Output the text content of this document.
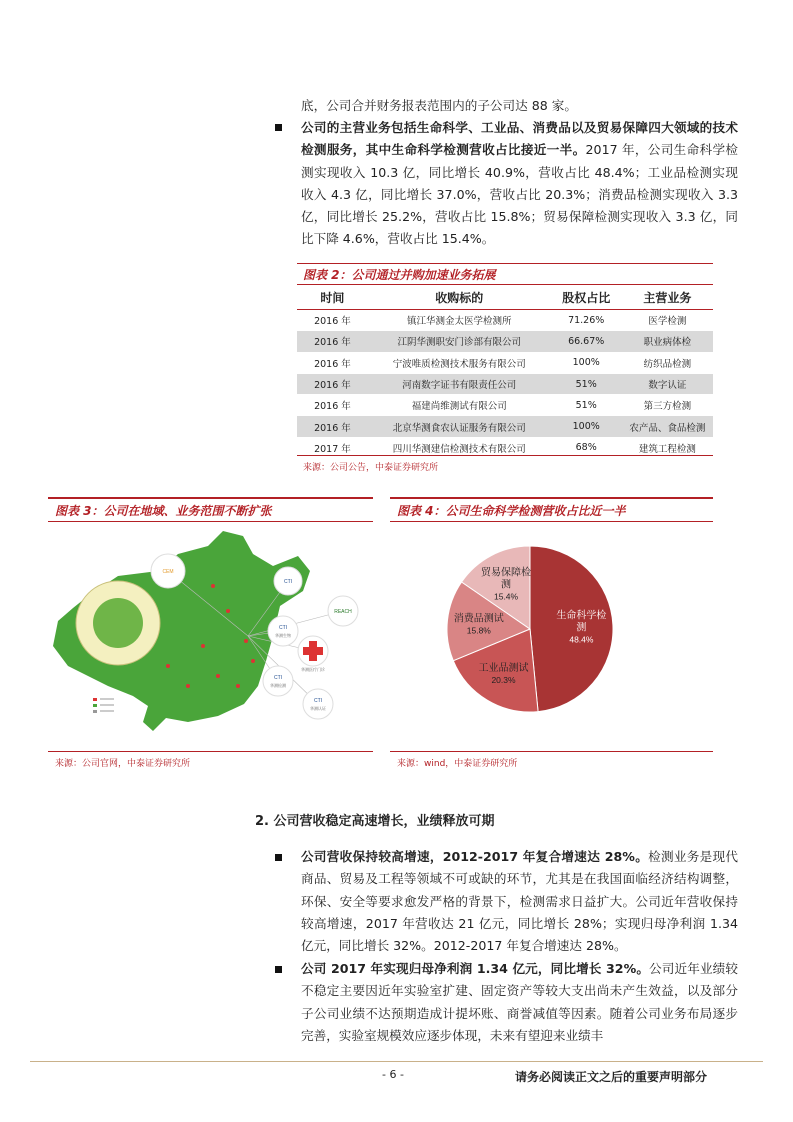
底，公司合并财务报表范围内的子公司达 88 家。
公司的主营业务包括生命科学、工业品、消费品以及贸易保障四大领域的技术检测服务，其中生命科学检测营收占比接近一半。2017 年，公司生命科学检测实现收入 10.3 亿，同比增长 40.9%，营收占比 48.4%；工业品检测实现收入 4.3 亿，同比增长 37.0%，营收占比 20.3%；消费品检测实现收入 3.3 亿，同比增长 25.2%，营收占比 15.8%；贸易保障检测实现收入 3.3 亿，同比下降 4.6%，营收占比 15.4%。
图表 2：公司通过并购加速业务拓展
时间	收购标的	股权占比	主营业务
2016 年	镇江华测金太医学检测所	71.26%	医学检测
2016 年	江阴华测职安门诊部有限公司	66.67%	职业病体检
2016 年	宁波唯质检测技术服务有限公司	100%	纺织品检测
2016 年	河南数字证书有限责任公司	51%	数字认证
2016 年	福建尚维测试有限公司	51%	第三方检测
2016 年	北京华测食农认证服务有限公司	100%	农产品、食品检测
2017 年	四川华测建信检测技术有限公司	68%	建筑工程检测
来源：公司公告，中泰证券研究所
图表 3：公司在地域、业务范围不断扩张
CEM
CTI
CTI
华测生物
REACH
华测医疗门诊
CTI
华测检测
CTI
华测认证
来源：公司官网，中泰证券研究所
图表 4：公司生命科学检测营收占比近一半
生命科学检
测
48.4%
工业品测试
20.3%
消费品测试
15.8%
贸易保障检
测
15.4%
来源：wind，中泰证券研究所
2. 公司营收稳定高速增长，业绩释放可期
公司营收保持较高增速，2012-2017 年复合增速达 28%。检测业务是现代商品、贸易及工程等领域不可或缺的环节，尤其是在我国面临经济结构调整，环保、安全等要求愈发严格的背景下，检测需求日益扩大。公司近年营收保持较高增速，2017 年营收达 21 亿元，同比增长 28%；实现归母净利润 1.34 亿元，同比增长 32%。2012-2017 年复合增速达 28%。
公司 2017 年实现归母净利润 1.34 亿元，同比增长 32%。公司近年业绩较不稳定主要因近年实验室扩建、固定资产等较大支出尚未产生效益，以及部分子公司业绩不达预期造成计提坏账、商誉减值等因素。随着公司业务布局逐步完善，实验室规模效应逐步体现，未来有望迎来业绩丰
- 6 -	请务必阅读正文之后的重要声明部分
